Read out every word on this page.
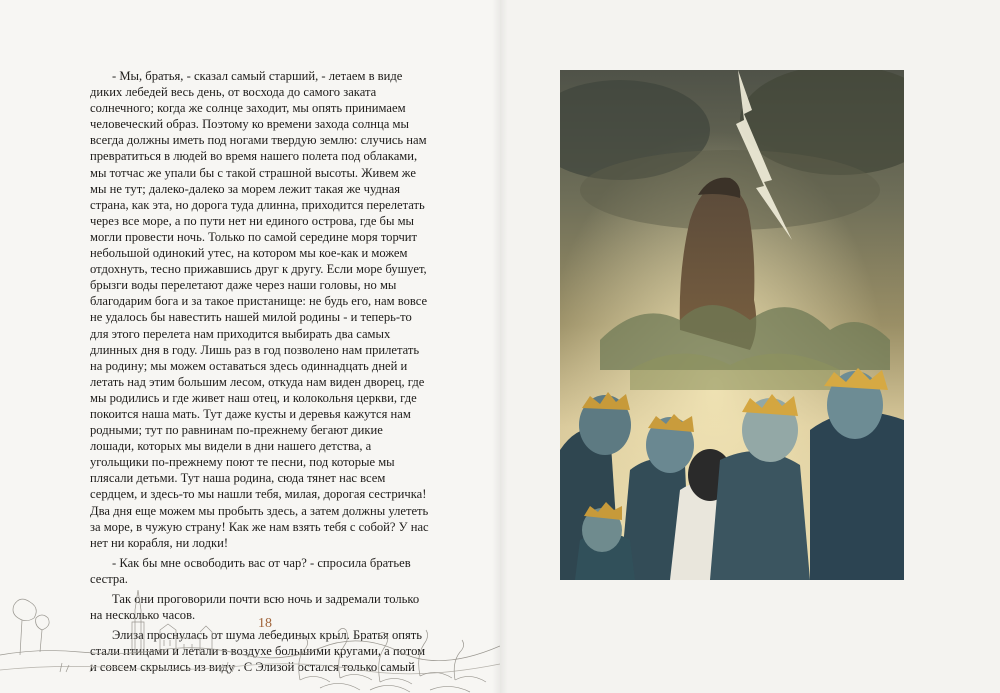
- Мы, братья, - сказал самый старший, - летаем в виде
диких лебедей весь день, от восхода до самого заката
солнечного; когда же солнце заходит, мы опять принимаем
человеческий образ. Поэтому ко времени захода солнца мы
всегда должны иметь под ногами твердую землю: случись нам
превратиться в людей во время нашего полета под облаками,
мы тотчас же упали бы с такой страшной высоты. Живем же
мы не тут; далеко-далеко за морем лежит такая же чудная
страна, как эта, но дорога туда длинна, приходится перелетать
через все море, а по пути нет ни единого острова, где бы мы
могли провести ночь. Только по самой середине моря торчит
небольшой одинокий утес, на котором мы кое-как и можем
отдохнуть, тесно прижавшись друг к другу. Если море бушует,
брызги воды перелетают даже через наши головы, но мы
благодарим бога и за такое пристанище: не будь его, нам вовсе
не удалось бы навестить нашей милой родины - и теперь-то
для этого перелета нам приходится выбирать два самых
длинных дня в году. Лишь раз в год позволено нам прилетать
на родину; мы можем оставаться здесь одиннадцать дней и
летать над этим большим лесом, откуда нам виден дворец, где
мы родились и где живет наш отец, и колокольня церкви, где
покоится наша мать. Тут даже кусты и деревья кажутся нам
родными; тут по равнинам по-прежнему бегают дикие
лошади, которых мы видели в дни нашего детства, а
угольщики по-прежнему поют те песни, под которые мы
плясали детьми. Тут наша родина, сюда тянет нас всем
сердцем, и здесь-то мы нашли тебя, милая, дорогая сестричка!
Два дня еще можем мы пробыть здесь, а затем должны улететь
за море, в чужую страну! Как же нам взять тебя с собой? У нас
нет ни корабля, ни лодки!

- Как бы мне освободить вас от чар? - спросила братьев
сестра.

Так они проговорили почти всю ночь и задремали только
на несколько часов.

Элиза проснулась от шума лебединых крыл. Братья опять
стали птицами и летали в воздухе большими кругами, а потом
и совсем скрылись из виду . С Элизой остался только самый

18
